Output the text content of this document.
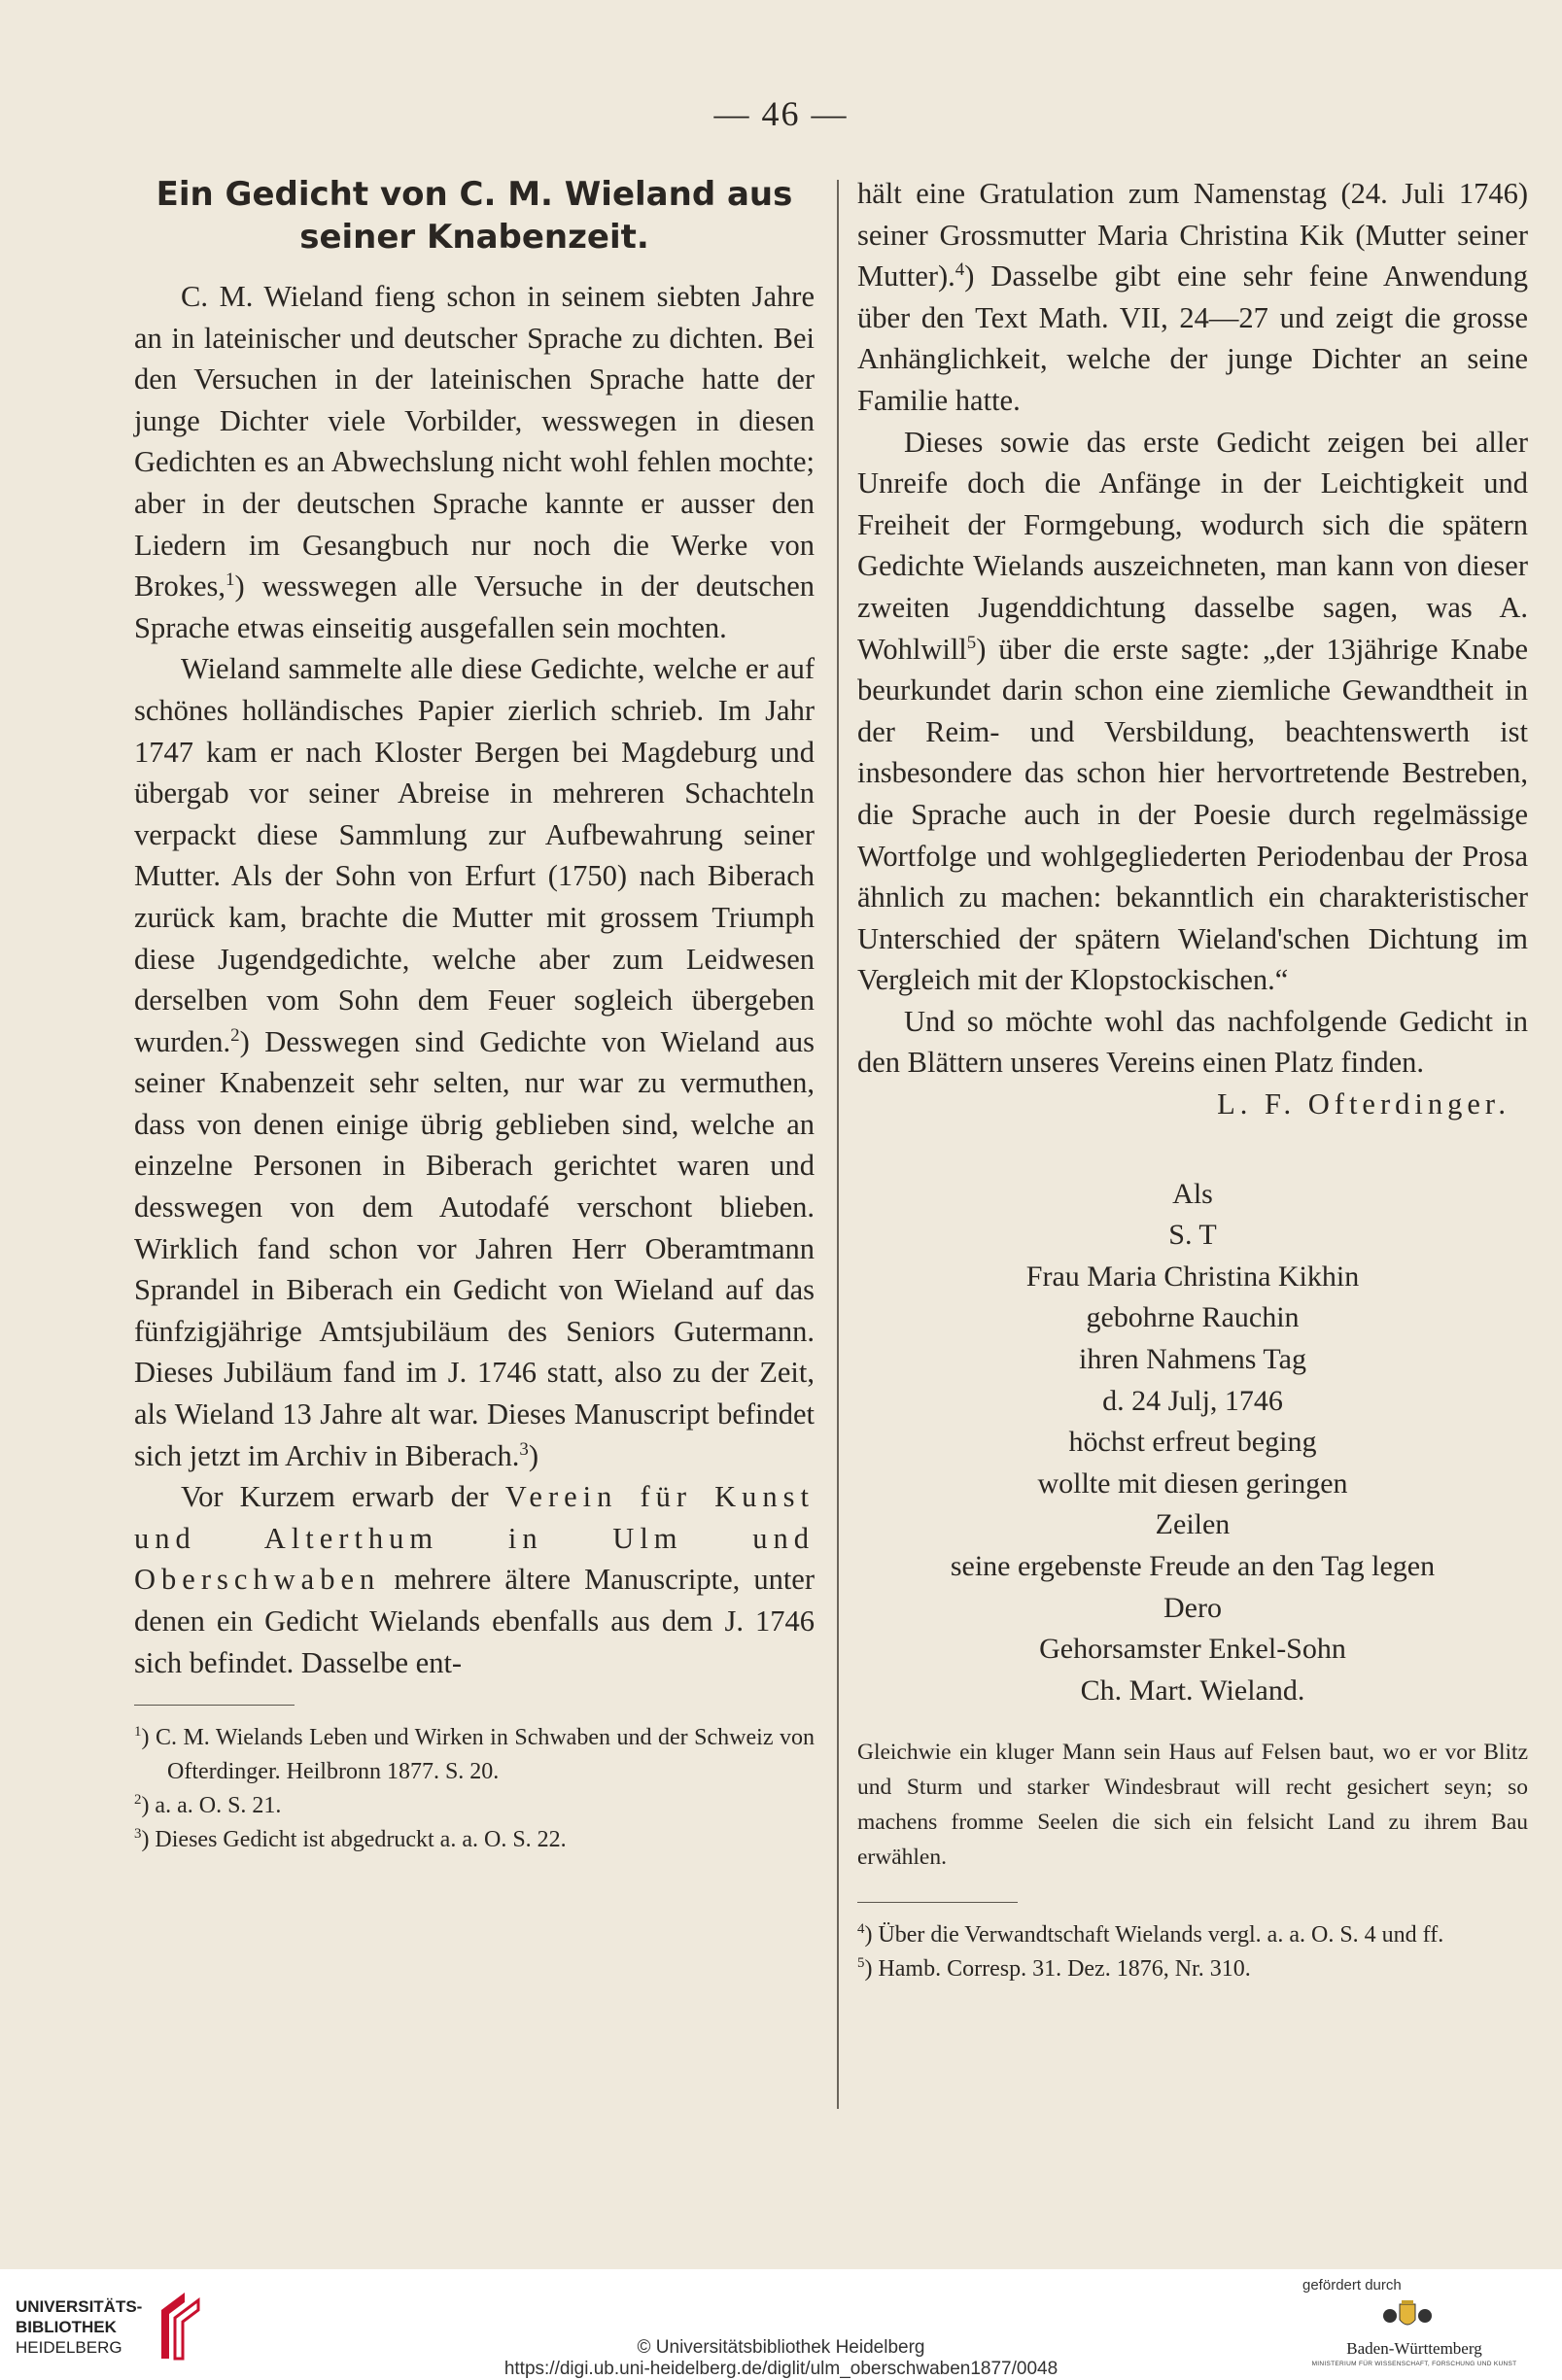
— 46 —
Ein Gedicht von C. M. Wieland aus seiner Knabenzeit.

C. M. Wieland fieng schon in seinem siebten Jahre an in lateinischer und deutscher Sprache zu dichten. Bei den Versuchen in der lateinischen Sprache hatte der junge Dichter viele Vorbilder, wesswegen in diesen Gedichten es an Abwechslung nicht wohl fehlen mochte; aber in der deutschen Sprache kannte er ausser den Liedern im Gesangbuch nur noch die Werke von Brokes,$^1$) wesswegen alle Versuche in der deutschen Sprache etwas einseitig ausgefallen sein mochten.

Wieland sammelte alle diese Gedichte, welche er auf schönes holländisches Papier zierlich schrieb. Im Jahr 1747 kam er nach Kloster Bergen bei Magdeburg und übergab vor seiner Abreise in mehreren Schachteln verpackt diese Sammlung zur Aufbewahrung seiner Mutter. Als der Sohn von Erfurt (1750) nach Biberach zurück kam, brachte die Mutter mit grossem Triumph diese Jugendgedichte, welche aber zum Leidwesen derselben vom Sohn dem Feuer sogleich übergeben wurden.$^2$) Desswegen sind Gedichte von Wieland aus seiner Knabenzeit sehr selten, nur war zu vermuthen, dass von denen einige übrig geblieben sind, welche an einzelne Personen in Biberach gerichtet waren und desswegen von dem Autodafé verschont blieben. Wirklich fand schon vor Jahren Herr Oberamtmann Sprandel in Biberach ein Gedicht von Wieland auf das fünfzigjährige Amtsjubiläum des Seniors Gutermann. Dieses Jubiläum fand im J. 1746 statt, also zu der Zeit, als Wieland 13 Jahre alt war. Dieses Manuscript befindet sich jetzt im Archiv in Biberach.$^3$)

Vor Kurzem erwarb der Verein für Kunst und Alterthum in Ulm und Oberschwaben mehrere ältere Manuscripte, unter denen ein Gedicht Wielands ebenfalls aus dem J. 1746 sich befindet. Dasselbe ent-

$^1$) C. M. Wielands Leben und Wirken in Schwaben und der Schweiz von Ofterdinger. Heilbronn 1877. S. 20.

$^2$) a. a. O. S. 21.

$^3$) Dieses Gedicht ist abgedruckt a. a. O. S. 22.

hält eine Gratulation zum Namenstag (24. Juli 1746) seiner Grossmutter Maria Christina Kik (Mutter seiner Mutter).$^4$) Dasselbe gibt eine sehr feine Anwendung über den Text Math. VII, 24—27 und zeigt die grosse Anhänglichkeit, welche der junge Dichter an seine Familie hatte.

Dieses sowie das erste Gedicht zeigen bei aller Unreife doch die Anfänge in der Leichtigkeit und Freiheit der Formgebung, wodurch sich die spätern Gedichte Wielands auszeichneten, man kann von dieser zweiten Jugenddichtung dasselbe sagen, was A. Wohlwill$^5$) über die erste sagte: „der 13jährige Knabe beurkundet darin schon eine ziemliche Gewandtheit in der Reim- und Versbildung, beachtenswerth ist insbesondere das schon hier hervortretende Bestreben, die Sprache auch in der Poesie durch regelmässige Wortfolge und wohlgegliederten Periodenbau der Prosa ähnlich zu machen: bekanntlich ein charakteristischer Unterschied der spätern Wieland'schen Dichtung im Vergleich mit der Klopstockischen.“

Und so möchte wohl das nachfolgende Gedicht in den Blättern unseres Vereins einen Platz finden.

L. F. Ofterdinger.

Als
S. T
Frau Maria Christina Kikhin
gebohrne Rauchin
ihren Nahmens Tag
d. 24 Julj, 1746
höchst erfreut beging
wollte mit diesen geringen
Zeilen
seine ergebenste Freude an den Tag legen
Dero
Gehorsamster Enkel-Sohn
Ch. Mart. Wieland.

Gleichwie ein kluger Mann sein Haus auf Felsen baut, wo er vor Blitz und Sturm und starker Windesbraut will recht gesichert seyn; so machens fromme Seelen die sich ein felsicht Land zu ihrem Bau erwählen.

$^4$) Über die Verwandtschaft Wielands vergl. a. a. O. S. 4 und ff.

$^5$) Hamb. Corresp. 31. Dez. 1876, Nr. 310.

UNIVERSITÄTS-
BIBLIOTHEK
HEIDELBERG	© Universitätsbibliothek Heidelberg
https://digi.ub.uni-heidelberg.de/diglit/ulm_oberschwaben1877/0048
gefördert durch
Baden-Württemberg
MINISTERIUM FÜR WISSENSCHAFT, FORSCHUNG UND KUNST
